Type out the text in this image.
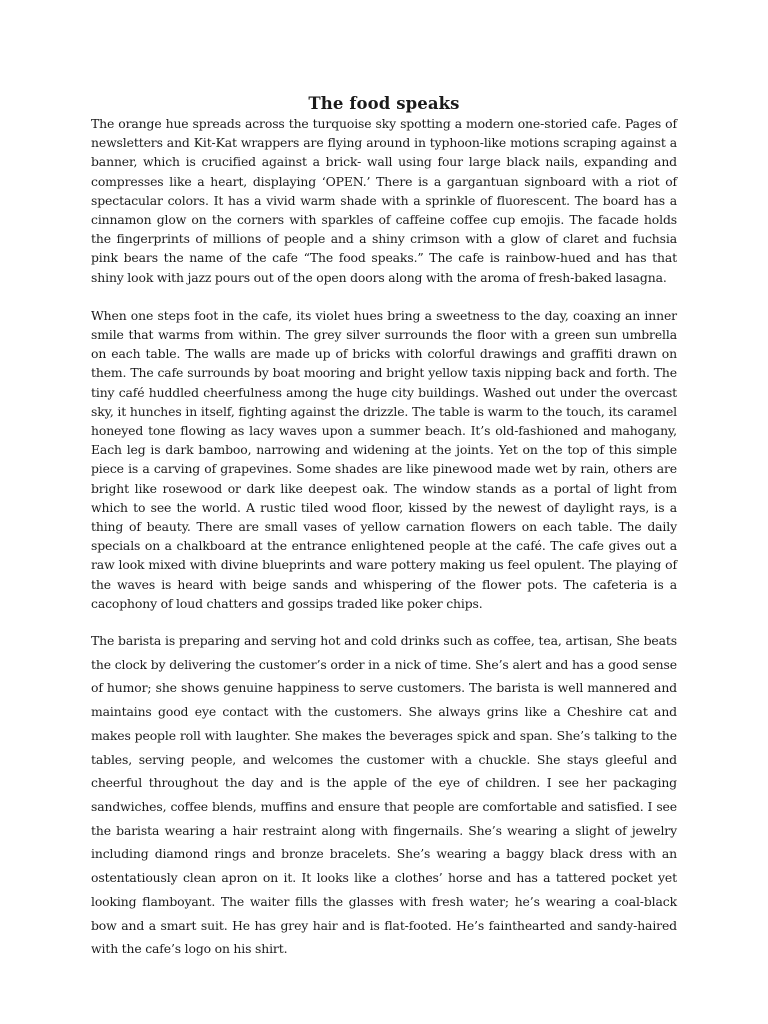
The food speaks

The orange hue spreads across the turquoise sky spotting a modern one-storied cafe. Pages of newsletters and Kit-Kat wrappers are flying around in typhoon-like motions scraping against a banner, which is crucified against a brick- wall using four large black nails, expanding and compresses like a heart, displaying ‘OPEN.’ There is a gargantuan signboard with a riot of spectacular colors. It has a vivid warm shade with a sprinkle of fluorescent. The board has a cinnamon glow on the corners with sparkles of caffeine coffee cup emojis. The facade holds the fingerprints of millions of people and a shiny crimson with a glow of claret and fuchsia pink bears the name of the cafe “The food speaks.” The cafe is rainbow-hued and has that shiny look with jazz pours out of the open doors along with the aroma of fresh-baked lasagna.

When one steps foot in the cafe, its violet hues bring a sweetness to the day, coaxing an inner smile that warms from within. The grey silver surrounds the floor with a green sun umbrella on each table. The walls are made up of bricks with colorful drawings and graffiti drawn on them. The cafe surrounds by boat mooring and bright yellow taxis nipping back and forth. The tiny café huddled cheerfulness among the huge city buildings. Washed out under the overcast sky, it hunches in itself, fighting against the drizzle. The table is warm to the touch, its caramel honeyed tone flowing as lacy waves upon a summer beach. It’s old-fashioned and mahogany, Each leg is dark bamboo, narrowing and widening at the joints. Yet on the top of this simple piece is a carving of grapevines. Some shades are like pinewood made wet by rain, others are bright like rosewood or dark like deepest oak. The window stands as a portal of light from which to see the world. A rustic tiled wood floor, kissed by the newest of daylight rays, is a thing of beauty. There are small vases of yellow carnation flowers on each table. The daily specials on a chalkboard at the entrance enlightened people at the café. The cafe gives out a raw look mixed with divine blueprints and ware pottery making us feel opulent. The playing of the waves is heard with beige sands and whispering of the flower pots. The cafeteria is a cacophony of loud chatters and gossips traded like poker chips.

The barista is preparing and serving hot and cold drinks such as coffee, tea, artisan, She beats the clock by delivering the customer’s order in a nick of time. She’s alert and has a good sense of humor; she shows genuine happiness to serve customers. The barista is well mannered and maintains good eye contact with the customers. She always grins like a Cheshire cat and makes people roll with laughter. She makes the beverages spick and span. She’s talking to the tables, serving people, and welcomes the customer with a chuckle. She stays gleeful and cheerful throughout the day and is the apple of the eye of children. I see her packaging sandwiches, coffee blends, muffins and ensure that people are comfortable and satisfied. I see the barista wearing a hair restraint along with fingernails. She’s wearing a slight of jewelry including diamond rings and bronze bracelets. She’s wearing a baggy black dress with an ostentatiously clean apron on it. It looks like a clothes’ horse and has a tattered pocket yet looking flamboyant. The waiter fills the glasses with fresh water; he’s wearing a coal-black bow and a smart suit. He has grey hair and is flat-footed. He’s fainthearted and sandy-haired with the cafe’s logo on his shirt.
